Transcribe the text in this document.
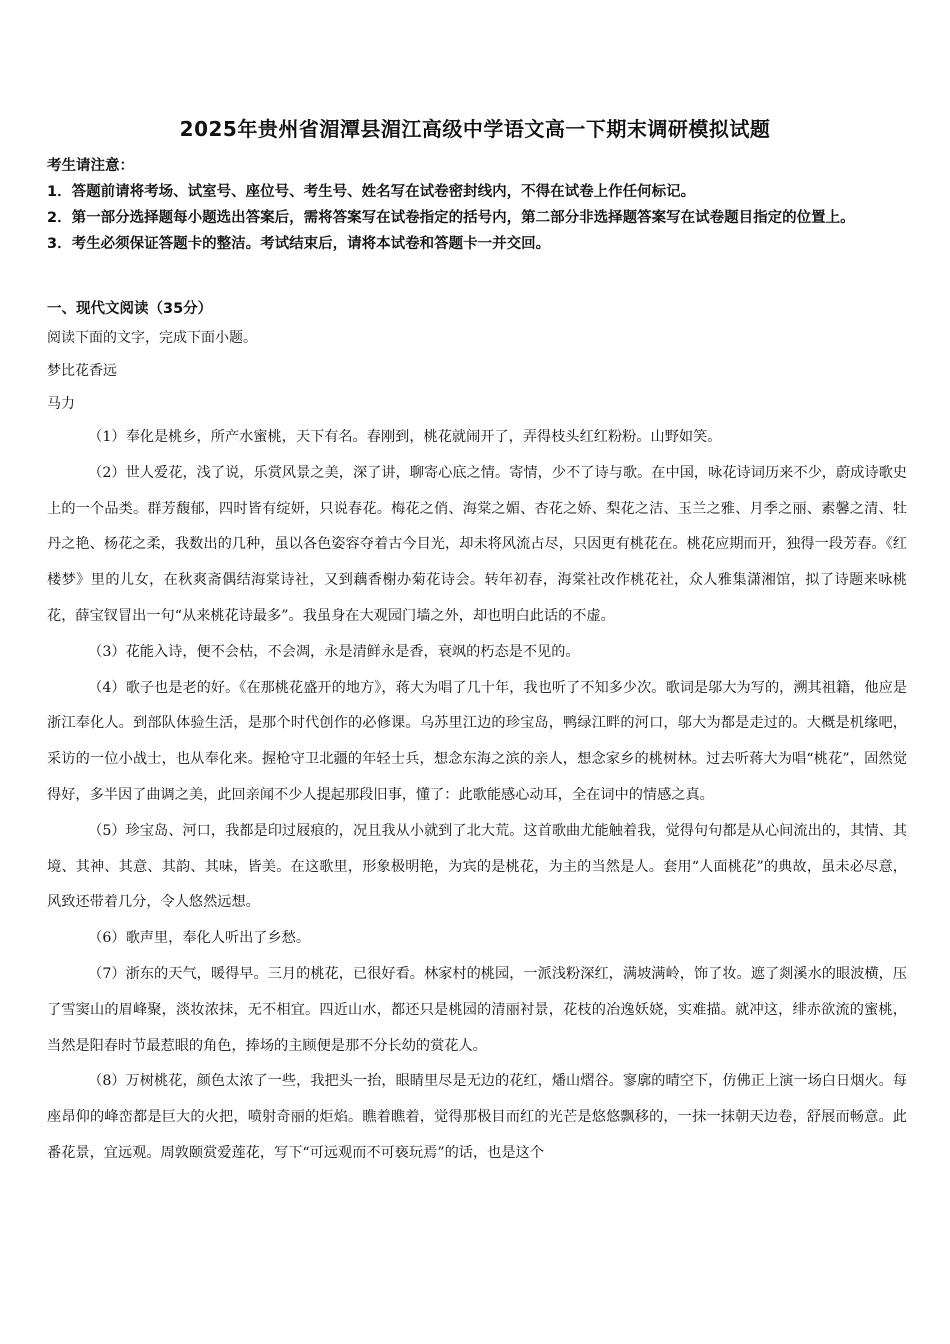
2025年贵州省湄潭县湄江高级中学语文高一下期末调研模拟试题

考生请注意：

1．答题前请将考场、试室号、座位号、考生号、姓名写在试卷密封线内，不得在试卷上作任何标记。

2．第一部分选择题每小题选出答案后，需将答案写在试卷指定的括号内，第二部分非选择题答案写在试卷题目指定的位置上。

3．考生必须保证答题卡的整洁。考试结束后，请将本试卷和答题卡一并交回。

一、现代文阅读（35分）
阅读下面的文字，完成下面小题。
梦比花香远
马力

（1）奉化是桃乡，所产水蜜桃，天下有名。春刚到，桃花就闹开了，弄得枝头红红粉粉。山野如笑。

（2）世人爱花，浅了说，乐赏风景之美，深了讲，聊寄心底之情。寄情，少不了诗与歌。在中国，咏花诗词历来不少，蔚成诗歌史上的一个品类。群芳馥郁，四时皆有绽妍，只说春花。梅花之俏、海棠之媚、杏花之娇、梨花之洁、玉兰之雅、月季之丽、素馨之清、牡丹之艳、杨花之柔，我数出的几种，虽以各色姿容夺着古今目光，却未将风流占尽，只因更有桃花在。桃花应期而开，独得一段芳春。《红楼梦》里的儿女，在秋爽斋偶结海棠诗社，又到藕香榭办菊花诗会。转年初春，海棠社改作桃花社，众人雅集潇湘馆，拟了诗题来咏桃花，薛宝钗冒出一句“从来桃花诗最多”。我虽身在大观园门墙之外，却也明白此话的不虚。

（3）花能入诗，便不会枯，不会凋，永是清鲜永是香，衰飒的朽态是不见的。

（4）歌子也是老的好。《在那桃花盛开的地方》，蒋大为唱了几十年，我也听了不知多少次。歌词是邬大为写的，溯其祖籍，他应是浙江奉化人。到部队体验生活，是那个时代创作的必修课。乌苏里江边的珍宝岛，鸭绿江畔的河口，邬大为都是走过的。大概是机缘吧，采访的一位小战士，也从奉化来。握枪守卫北疆的年轻士兵，想念东海之滨的亲人，想念家乡的桃树林。过去听蒋大为唱“桃花”，固然觉得好，多半因了曲调之美，此回亲闻不少人提起那段旧事，懂了：此歌能感心动耳，全在词中的情感之真。

（5）珍宝岛、河口，我都是印过屐痕的，况且我从小就到了北大荒。这首歌曲尤能触着我，觉得句句都是从心间流出的，其情、其境、其神、其意、其韵、其味，皆美。在这歌里，形象极明艳，为宾的是桃花，为主的当然是人。套用“人面桃花”的典故，虽未必尽意，风致还带着几分，令人悠然远想。

（6）歌声里，奉化人听出了乡愁。

（7）浙东的天气，暖得早。三月的桃花，已很好看。林家村的桃园，一派浅粉深红，满坡满岭，饰了妆。遮了剡溪水的眼波横，压了雪窦山的眉峰聚，淡妆浓抹，无不相宜。四近山水，都还只是桃园的清丽衬景，花枝的冶逸妖娆，实难描。就冲这，绯赤欲流的蜜桃，当然是阳春时节最惹眼的角色，捧场的主顾便是那不分长幼的赏花人。

（8）万树桃花，颜色太浓了一些，我把头一抬，眼睛里尽是无边的花红，燔山熠谷。寥廓的晴空下，仿佛正上演一场白日烟火。每座昂仰的峰峦都是巨大的火把，喷射奇丽的炬焰。瞧着瞧着，觉得那极目而红的光芒是悠悠飘移的，一抹一抹朝天边卷，舒展而畅意。此番花景，宜远观。周敦颐赏爱莲花，写下“可远观而不可亵玩焉”的话，也是这个
